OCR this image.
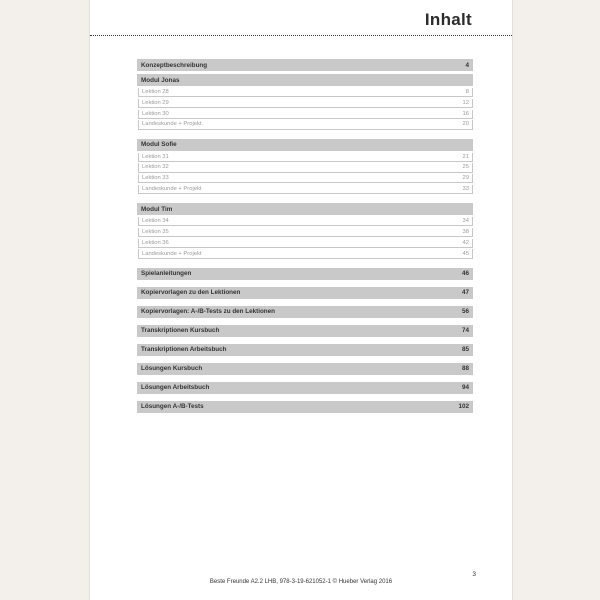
Inhalt
Konzeptbeschreibung	4
Modul Jonas
Lektion 28	8
Lektion 29	12
Lektion 30	16
Landeskunde + Projekt	20
Modul Sofie
Lektion 31	21
Lektion 32	25
Lektion 33	29
Landeskunde + Projekt	33
Modul Tim
Lektion 34	34
Lektion 35	38
Lektion 36	42
Landeskunde + Projekt	45
Spielanleitungen	46
Kopiervorlagen zu den Lektionen	47
Kopiervorlagen: A-/B-Tests zu den Lektionen	56
Transkriptionen Kursbuch	74
Transkriptionen Arbeitsbuch	85
Lösungen Kursbuch	88
Lösungen Arbeitsbuch	94
Lösungen A-/B-Tests	102
3
Beste Freunde A2.2 LHB, 978-3-19-621052-1 © Hueber Verlag 2016
